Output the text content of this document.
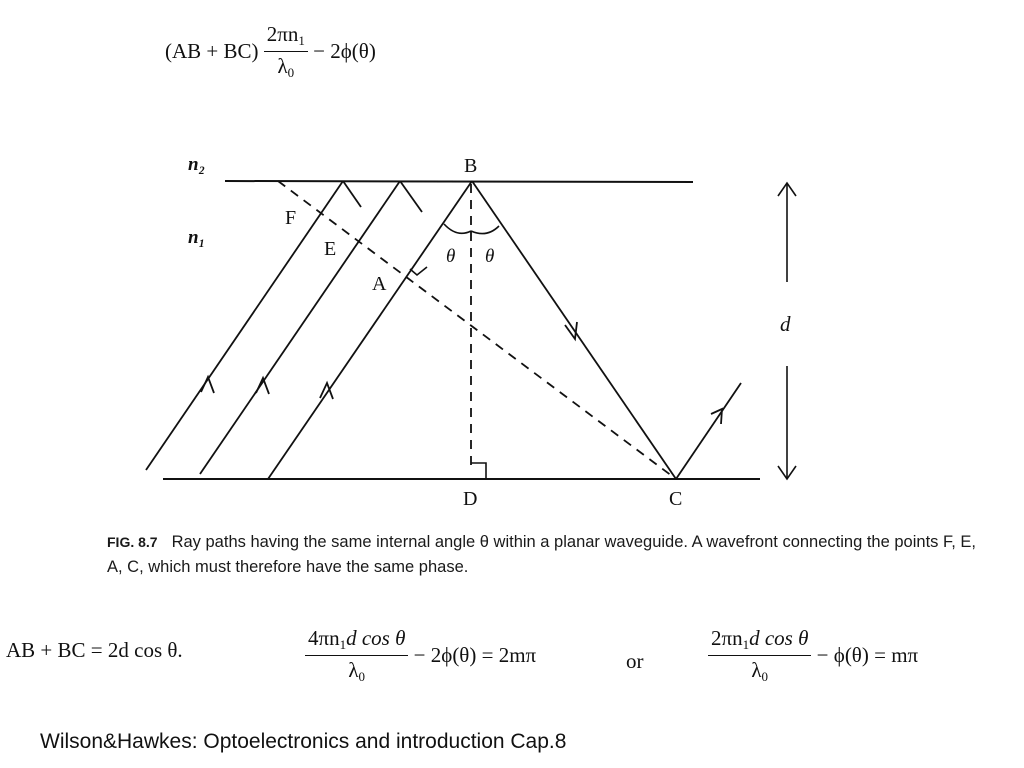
$(AB + BC) \frac{2\pi n_1}{\lambda_0} - 2\phi(\theta)$
n₂
n₁
B
F
E
A
θ θ
d
D	C
FIG. 8.7 Ray paths having the same internal angle θ within a planar waveguide. A wavefront connecting the points F, E, A, C, which must therefore have the same phase.
AB + BC = 2d cos θ.	$\frac{4\pi n_1d \cos \theta}{\lambda_0} - 2\phi(\theta) = 2m\pi$	or	$\frac{2\pi n_1d \cos \theta}{\lambda_0} - \phi(\theta) = m\pi$
Wilson&Hawkes: Optoelectronics and introduction Cap.8
